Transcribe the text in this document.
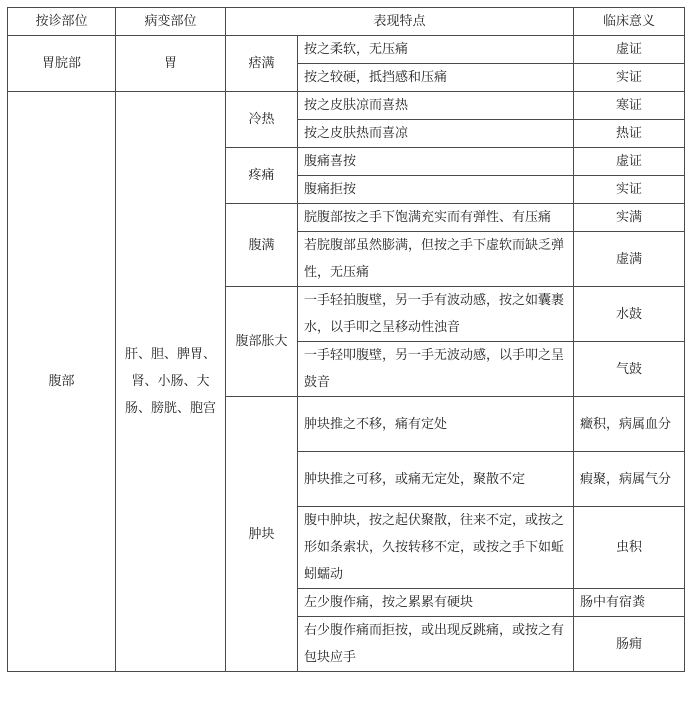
按诊部位	病变部位	表现特点		临床意义
胃脘部	胃	痞满	按之柔软，无压痛	虚证
			按之较硬，抵挡感和压痛	实证
腹部	肝、胆、脾胃、肾、小肠、大肠、膀胱、胞宫	冷热	按之皮肤凉而喜热	寒证
			按之皮肤热而喜凉	热证
		疼痛	腹痛喜按	虚证
			腹痛拒按	实证
		腹满	脘腹部按之手下饱满充实而有弹性、有压痛	实满
			若脘腹部虽然膨满，但按之手下虚软而缺乏弹性，无压痛	虚满
		腹部胀大	一手轻拍腹壁，另一手有波动感，按之如囊裹水，以手叩之呈移动性浊音	水鼓
			一手轻叩腹壁，另一手无波动感，以手叩之呈鼓音	气鼓
		肿块	肿块推之不移，痛有定处	癥积，病属血分
			肿块推之可移，或痛无定处，聚散不定	瘕聚，病属气分
			腹中肿块，按之起伏聚散，往来不定，或按之形如条索状，久按转移不定，或按之手下如蚯蚓蠕动	虫积
			左少腹作痛，按之累累有硬块	肠中有宿粪
			右少腹作痛而拒按，或出现反跳痛，或按之有包块应手	肠痈
